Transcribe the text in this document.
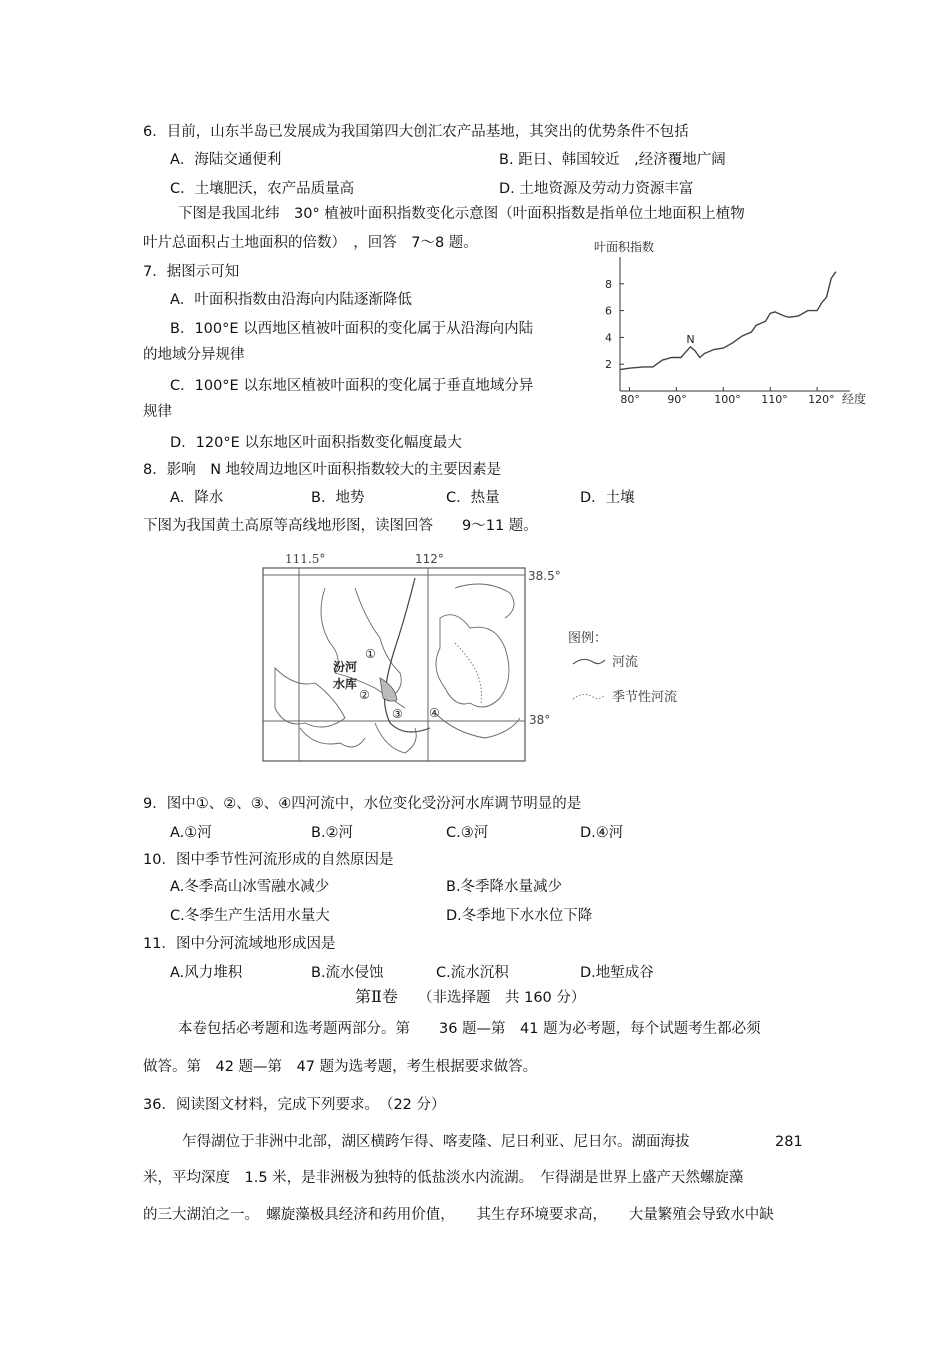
6．目前，山东半岛已发展成为我国第四大创汇农产品基地，其突出的优势条件不包括
A．海陆交通便利	B. 距日、韩国较近　,经济覆地广阔
C．土壤肥沃，农产品质量高	D. 土地资源及劳动力资源丰富
下图是我国北纬　30° 植被叶面积指数变化示意图（叶面积指数是指单位土地面积上植物
叶片总面积占土地面积的倍数）　，回答　7～8 题。
7．据图示可知
A．叶面积指数由沿海向内陆逐渐降低
B．100°E 以西地区植被叶面积的变化属于从沿海向内陆
的地域分异规律
C．100°E 以东地区植被叶面积的变化属于垂直地域分异
规律
D．120°E 以东地区叶面积指数变化幅度最大
叶面积指数
2
4
6
8
80° 90° 100° 110° 120°
N
经度
8．影响　N 地较周边地区叶面积指数较大的主要因素是
A．降水	B．地势	C．热量	D．土壤
下图为我国黄土高原等高线地形图，读图回答　　9～11 题。
111.5°	112°
38.5°
38°
汾河
水库
①
②
③ ④
图例：
河流
季节性河流
9．图中①、②、③、④四河流中，水位变化受汾河水库调节明显的是
A.①河	B.②河	C.③河	D.④河
10．图中季节性河流形成的自然原因是
A.冬季高山冰雪融水减少	B.冬季降水量减少
C.冬季生产生活用水量大	D.冬季地下水水位下降
11．图中分河流域地形成因是
A.风力堆积	B.流水侵蚀	C.流水沉积	D.地堑成谷
第Ⅱ卷 （非选择题　共 160 分）
本卷包括必考题和选考题两部分。第　　36 题—第　41 题为必考题，每个试题考生都必须
做答。第　42 题—第　47 题为选考题，考生根据要求做答。
36．阅读图文材料，完成下列要求。　（22 分）
乍得湖位于非洲中北部，湖区横跨乍得、喀麦隆、尼日利亚、尼日尔。湖面海拔	281
米，平均深度　1.5 米，是非洲极为独特的低盐淡水内流湖。　乍得湖是世界上盛产天然螺旋藻
的三大湖泊之一。　螺旋藻极具经济和药用价值，　　其生存环境要求高，　　大量繁殖会导致水中缺
